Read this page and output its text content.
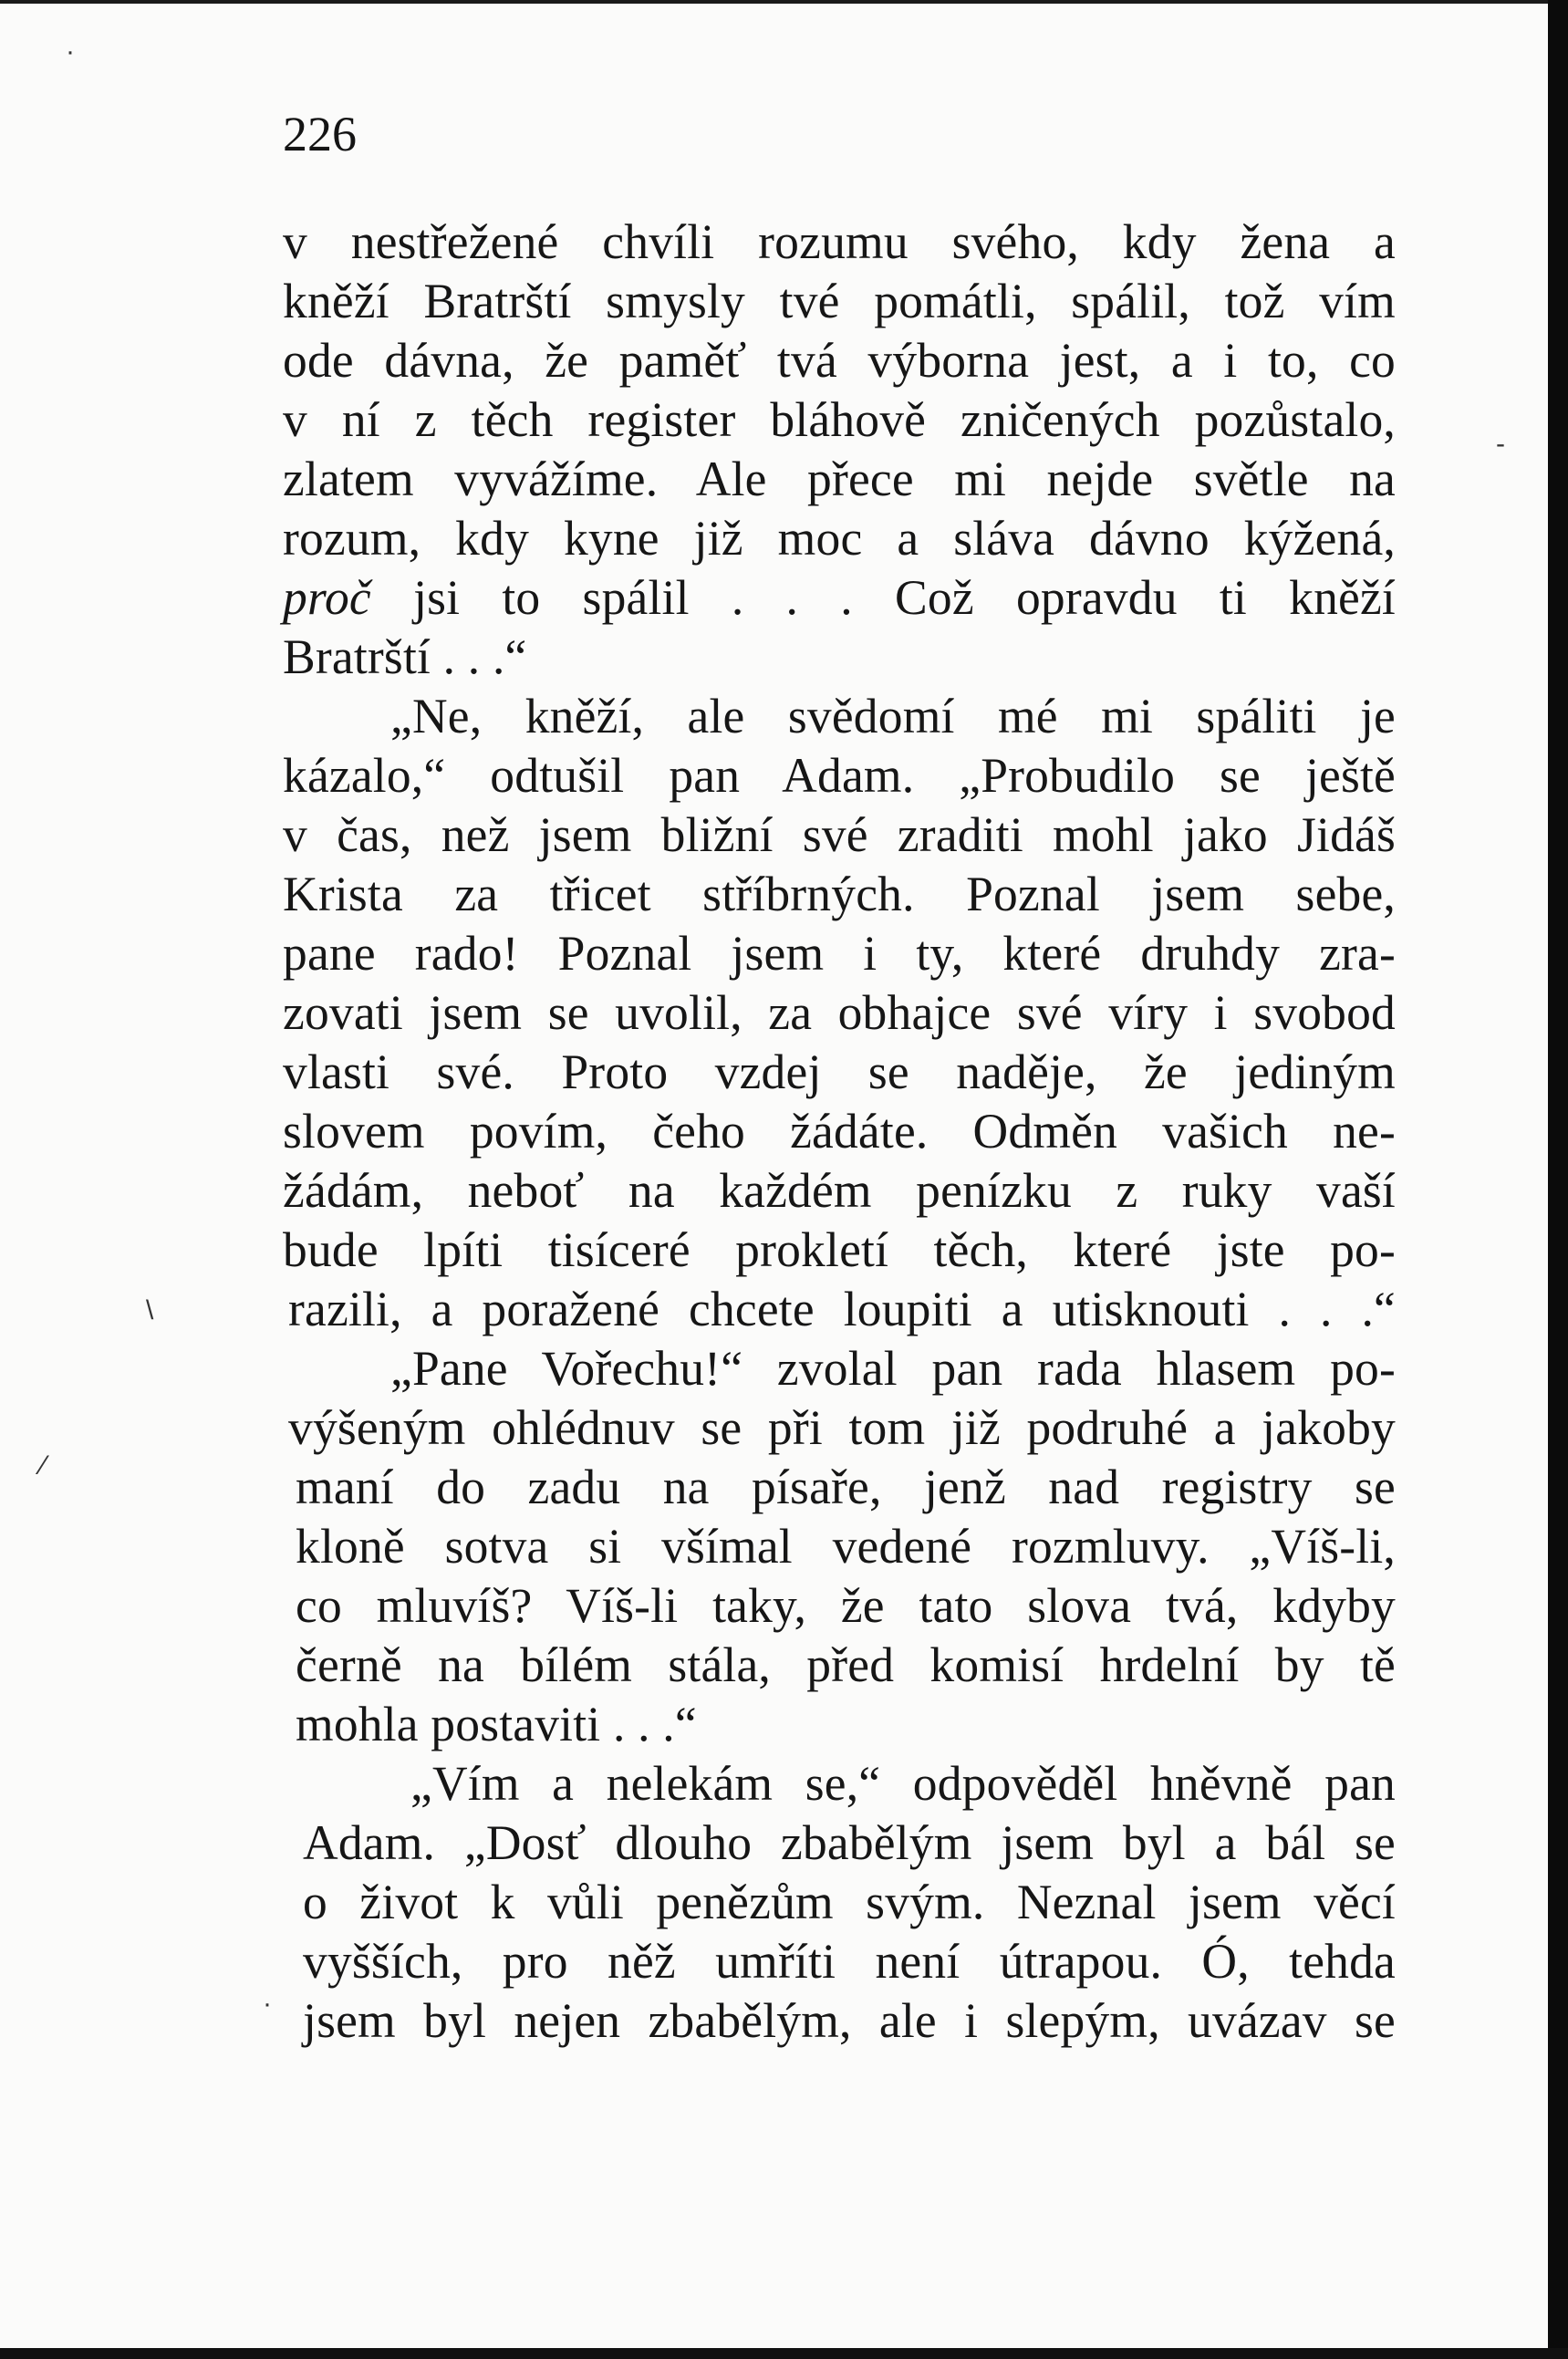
·
-
\
⁄
·
226
v nestřežené chvíli rozumu svého, kdy žena a
kněží Bratrští smysly tvé pomátli, spálil, tož vím
ode dávna, že paměť tvá výborna jest, a i to, co
v ní z těch register bláhově zničených pozůstalo,
zlatem vyvážíme. Ale přece mi nejde světle na
rozum, kdy kyne již moc a sláva dávno kýžená,
proč jsi to spálil . . . Což opravdu ti kněží
Bratrští . . .“
„Ne, kněží, ale svědomí mé mi spáliti je
kázalo,“ odtušil pan Adam. „Probudilo se ještě
v čas, než jsem bližní své zraditi mohl jako Jidáš
Krista za třicet stříbrných. Poznal jsem sebe,
pane rado! Poznal jsem i ty, které druhdy zra-
zovati jsem se uvolil, za obhajce své víry i svobod
vlasti své. Proto vzdej se naděje, že jediným
slovem povím, čeho žádáte. Odměn vašich ne-
žádám, neboť na každém penízku z ruky vaší
bude lpíti tisíceré prokletí těch, které jste po-
razili, a poražené chcete loupiti a utisknouti . . .“
„Pane Vořechu!“ zvolal pan rada hlasem po-
výšeným ohlédnuv se při tom již podruhé a jakoby
maní do zadu na písaře, jenž nad registry se
kloně sotva si všímal vedené rozmluvy. „Víš-li,
co mluvíš? Víš-li taky, že tato slova tvá, kdyby
černě na bílém stála, před komisí hrdelní by tě
mohla postaviti . . .“
„Vím a nelekám se,“ odpověděl hněvně pan
Adam. „Dosť dlouho zbabělým jsem byl a bál se
o život k vůli penězům svým. Neznal jsem věcí
vyšších, pro něž umříti není útrapou. Ó, tehda
jsem byl nejen zbabělým, ale i slepým, uvázav se
